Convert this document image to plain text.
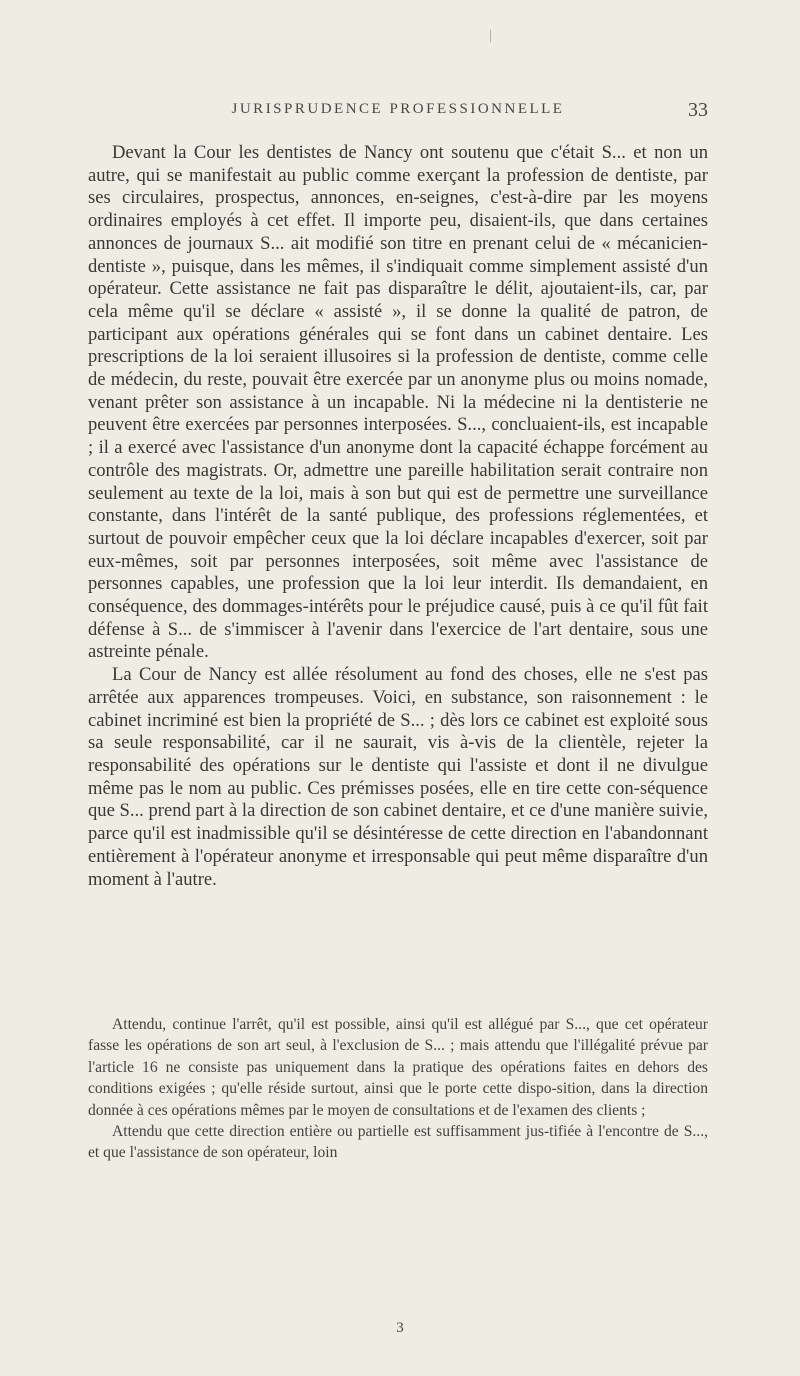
JURISPRUDENCE PROFESSIONNELLE	33

Devant la Cour les dentistes de Nancy ont soutenu que c'était S... et non un autre, qui se manifestait au public comme exerçant la profession de dentiste, par ses circulaires, prospectus, annonces, en-seignes, c'est-à-dire par les moyens ordinaires employés à cet effet. Il importe peu, disaient-ils, que dans certaines annonces de journaux S... ait modifié son titre en prenant celui de « mécanicien-dentiste », puisque, dans les mêmes, il s'indiquait comme simplement assisté d'un opérateur. Cette assistance ne fait pas disparaître le délit, ajoutaient-ils, car, par cela même qu'il se déclare « assisté », il se donne la qualité de patron, de participant aux opérations générales qui se font dans un cabinet dentaire. Les prescriptions de la loi seraient illusoires si la profession de dentiste, comme celle de médecin, du reste, pouvait être exercée par un anonyme plus ou moins nomade, venant prêter son assistance à un incapable. Ni la médecine ni la dentisterie ne peuvent être exercées par personnes interposées. S..., concluaient-ils, est incapable ; il a exercé avec l'assistance d'un anonyme dont la capacité échappe forcément au contrôle des magistrats. Or, admettre une pareille habilitation serait contraire non seulement au texte de la loi, mais à son but qui est de permettre une surveillance constante, dans l'intérêt de la santé publique, des professions réglementées, et surtout de pouvoir empêcher ceux que la loi déclare incapables d'exercer, soit par eux-mêmes, soit par personnes interposées, soit même avec l'assistance de personnes capables, une profession que la loi leur interdit. Ils demandaient, en conséquence, des dommages-intérêts pour le préjudice causé, puis à ce qu'il fût fait défense à S... de s'immiscer à l'avenir dans l'exercice de l'art dentaire, sous une astreinte pénale.

La Cour de Nancy est allée résolument au fond des choses, elle ne s'est pas arrêtée aux apparences trompeuses. Voici, en substance, son raisonnement : le cabinet incriminé est bien la propriété de S... ; dès lors ce cabinet est exploité sous sa seule responsabilité, car il ne saurait, vis à-vis de la clientèle, rejeter la responsabilité des opérations sur le dentiste qui l'assiste et dont il ne divulgue même pas le nom au public. Ces prémisses posées, elle en tire cette con-séquence que S... prend part à la direction de son cabinet dentaire, et ce d'une manière suivie, parce qu'il est inadmissible qu'il se désintéresse de cette direction en l'abandonnant entièrement à l'opérateur anonyme et irresponsable qui peut même disparaître d'un moment à l'autre.

Attendu, continue l'arrêt, qu'il est possible, ainsi qu'il est allégué par S..., que cet opérateur fasse les opérations de son art seul, à l'exclusion de S... ; mais attendu que l'illégalité prévue par l'article 16 ne consiste pas uniquement dans la pratique des opérations faites en dehors des conditions exigées ; qu'elle réside surtout, ainsi que le porte cette dispo-sition, dans la direction donnée à ces opérations mêmes par le moyen de consultations et de l'examen des clients ;

Attendu que cette direction entière ou partielle est suffisamment jus-tifiée à l'encontre de S..., et que l'assistance de son opérateur, loin

3
